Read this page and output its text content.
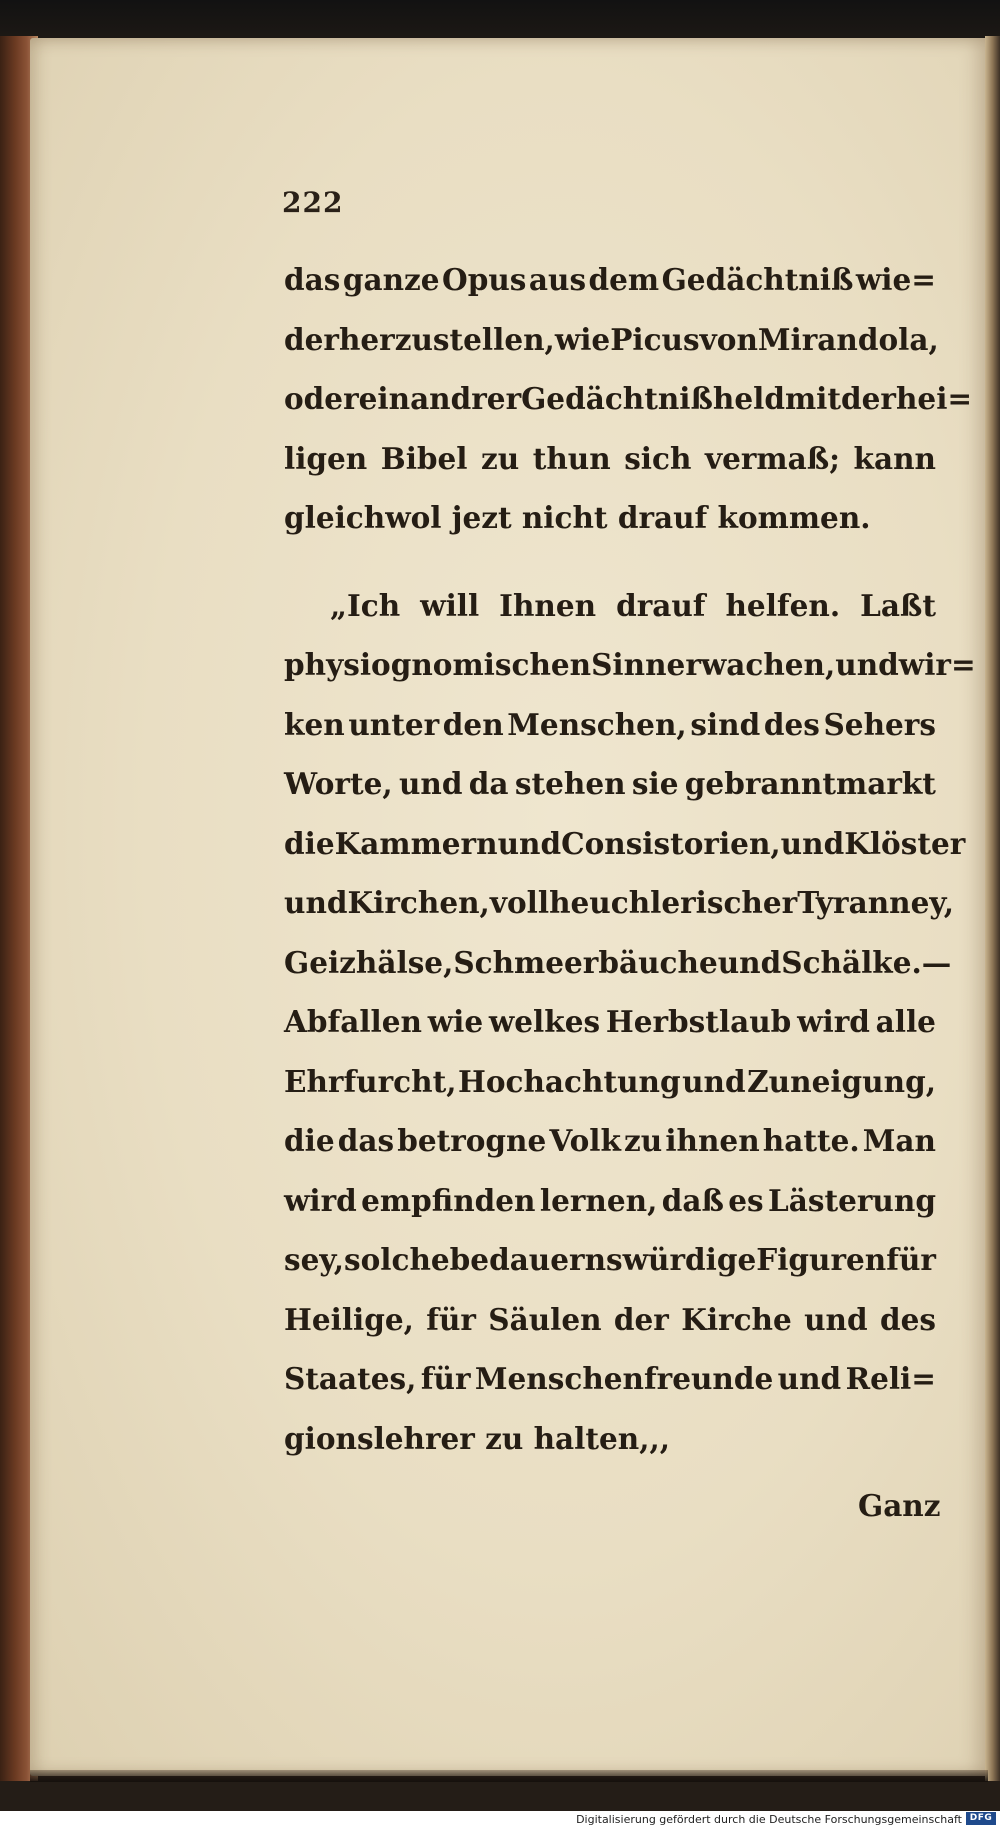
222
das ganze Opus aus dem Gedächtniß wie=
der herzustellen, wie Picus von Mirandola,
oder ein andrer Gedächtnißheld mit der hei=
ligen Bibel zu thun sich vermaß; kann
gleichwol jezt nicht drauf kommen.
„Ich will Ihnen drauf helfen. Laßt
physiognomischen Sinn erwachen, und wir=
ken unter den Menschen, sind des Sehers
Worte, und da stehen sie gebranntmarkt
die Kammern und Consistorien, und Klöster
und Kirchen, voll heuchlerischer Tyranney,
Geizhälse, Schmeerbäuche und Schälke. —
Abfallen wie welkes Herbstlaub wird alle
Ehrfurcht, Hochachtung und Zuneigung,
die das betrogne Volk zu ihnen hatte. Man
wird empfinden lernen, daß es Lästerung
sey, solche bedauernswürdige Figuren für
Heilige, für Säulen der Kirche und des
Staates, für Menschenfreunde und Reli=
gionslehrer zu halten,,,
Ganz
Digitalisierung gefördert durch die Deutsche Forschungsgemeinschaft DFG
